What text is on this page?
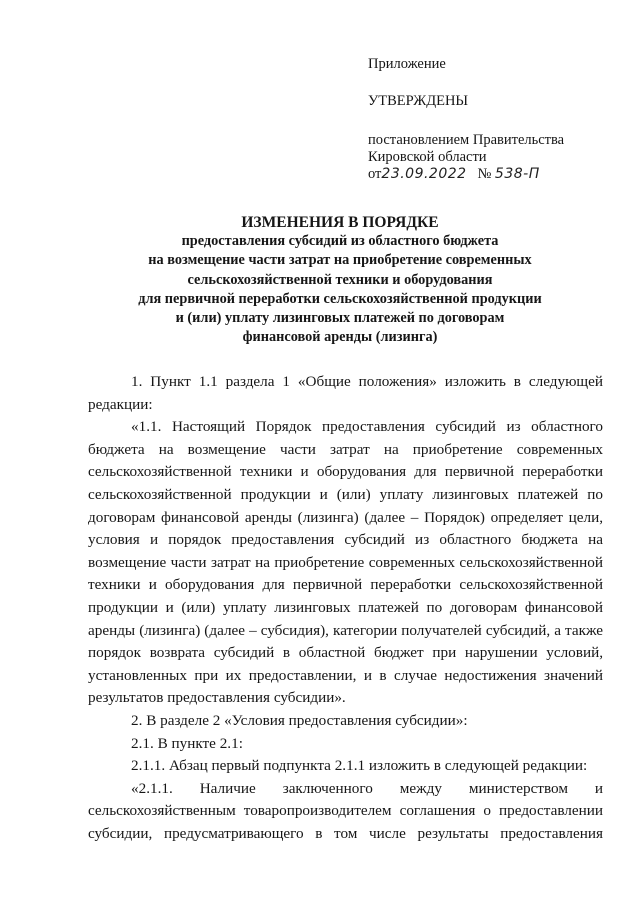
Приложение
УТВЕРЖДЕНЫ
постановлением Правительства
Кировской области
от23.09.2022 № 538-П
ИЗМЕНЕНИЯ В ПОРЯДКЕ
предоставления субсидий из областного бюджета
на возмещение части затрат на приобретение современных
сельскохозяйственной техники и оборудования
для первичной переработки сельскохозяйственной продукции
и (или) уплату лизинговых платежей по договорам
финансовой аренды (лизинга)
1. Пункт 1.1 раздела 1 «Общие положения» изложить в следующей редакции:
«1.1. Настоящий Порядок предоставления субсидий из областного бюджета на возмещение части затрат на приобретение современных сельскохозяйственной техники и оборудования для первичной переработки сельскохозяйственной продукции и (или) уплату лизинговых платежей по договорам финансовой аренды (лизинга) (далее – Порядок) определяет цели, условия и порядок предоставления субсидий из областного бюджета на возмещение части затрат на приобретение современных сельскохозяйственной техники и оборудования для первичной переработки сельскохозяйственной продукции и (или) уплату лизинговых платежей по договорам финансовой аренды (лизинга) (далее – субсидия), категории получателей субсидий, а также порядок возврата субсидий в областной бюджет при нарушении условий, установленных при их предоставлении, и в случае недостижения значений результатов предоставления субсидии».
2. В разделе 2 «Условия предоставления субсидии»:
2.1. В пункте 2.1:
2.1.1. Абзац первый подпункта 2.1.1 изложить в следующей редакции:
«2.1.1. Наличие заключенного между министерством и сельскохозяйственным товаропроизводителем соглашения о предоставлении субсидии, предусматривающего в том числе результаты предоставления
